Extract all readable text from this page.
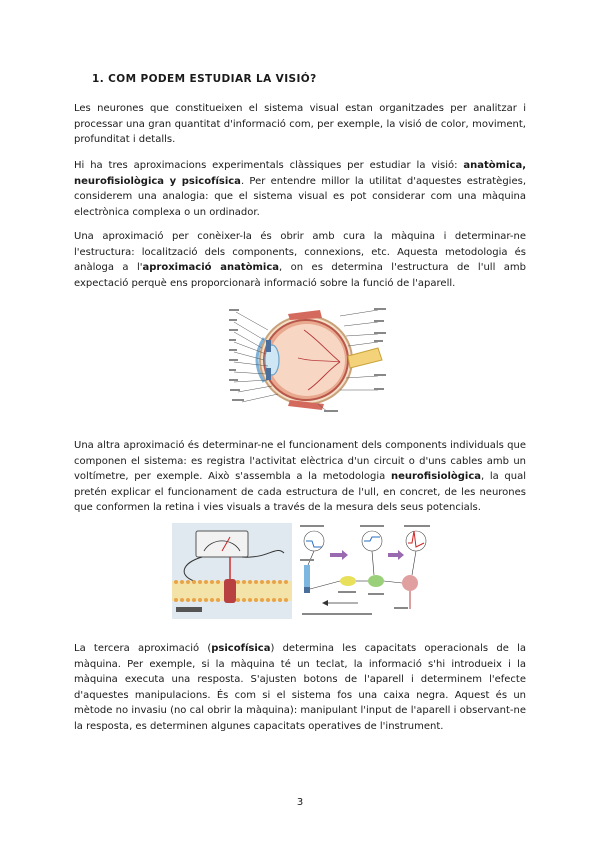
1. COM PODEM ESTUDIAR LA VISIÓ?

Les neurones que constitueixen el sistema visual estan organitzades per analitzar i processar una gran quantitat d'informació com, per exemple, la visió de color, moviment, profunditat i detalls.

Hi ha tres aproximacions experimentals clàssiques per estudiar la visió: anatòmica, neurofisiològica y psicofísica. Per entendre millor la utilitat d'aquestes estratègies, considerem una analogia: que el sistema visual es pot considerar com una màquina electrònica complexa o un ordinador.

Una aproximació per conèixer-la és obrir amb cura la màquina i determinar-ne l'estructura: localització dels components, connexions, etc. Aquesta metodologia és anàloga a l'aproximació anatòmica, on es determina l'estructura de l'ull amb expectació perquè ens proporcionarà informació sobre la funció de l'aparell.

Una altra aproximació és determinar-ne el funcionament dels components individuals que componen el sistema: es registra l'activitat elèctrica d'un circuit o d'uns cables amb un voltímetre, per exemple. Això s'assembla a la metodologia neurofisiològica, la qual pretén explicar el funcionament de cada estructura de l'ull, en concret, de les neurones que conformen la retina i vies visuals a través de la mesura dels seus potencials.

La tercera aproximació (psicofísica) determina les capacitats operacionals de la màquina. Per exemple, si la màquina té un teclat, la informació s'hi introdueix i la màquina executa una resposta. S'ajusten botons de l'aparell i determinem l'efecte d'aquestes manipulacions. És com si el sistema fos una caixa negra. Aquest és un mètode no invasiu (no cal obrir la màquina): manipulant l'input de l'aparell i observant-ne la resposta, es determinen algunes capacitats operatives de l'instrument.

3
